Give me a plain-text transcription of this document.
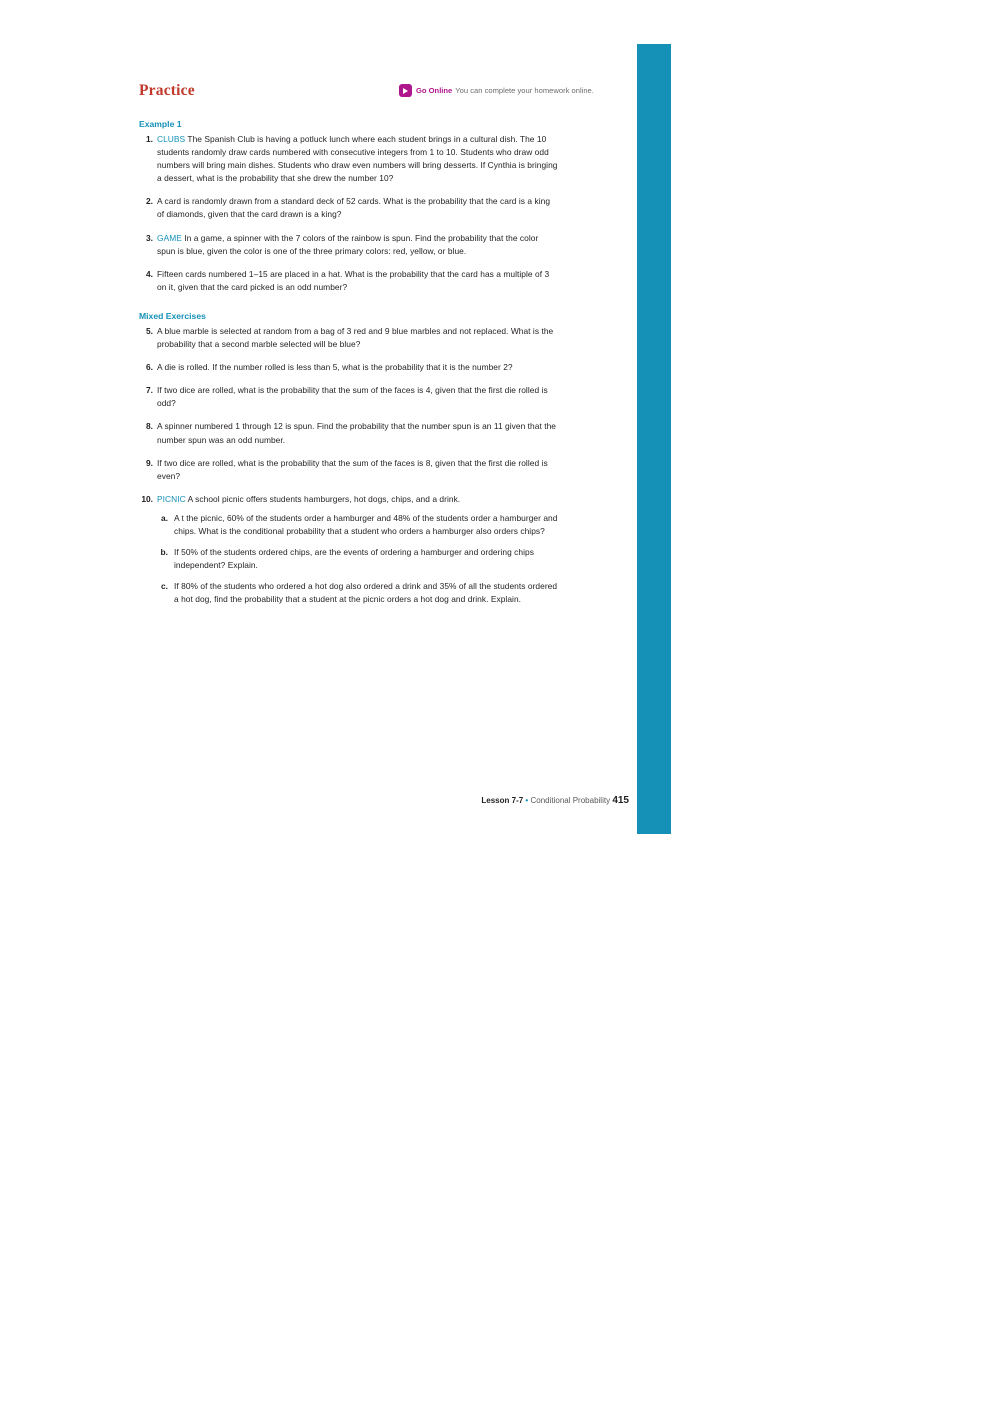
Practice	Go Online You can complete your homework online.
Example 1
1. CLUBS The Spanish Club is having a potluck lunch where each student brings in a cultural dish. The 10 students randomly draw cards numbered with consecutive integers from 1 to 10. Students who draw odd numbers will bring main dishes. Students who draw even numbers will bring desserts. If Cynthia is bringing a dessert, what is the probability that she drew the number 10?
2. A card is randomly drawn from a standard deck of 52 cards. What is the probability that the card is a king of diamonds, given that the card drawn is a king?
3. GAME In a game, a spinner with the 7 colors of the rainbow is spun. Find the probability that the color spun is blue, given the color is one of the three primary colors: red, yellow, or blue.
4. Fifteen cards numbered 1–15 are placed in a hat. What is the probability that the card has a multiple of 3 on it, given that the card picked is an odd number?
Mixed Exercises
5. A blue marble is selected at random from a bag of 3 red and 9 blue marbles and not replaced. What is the probability that a second marble selected will be blue?
6. A die is rolled. If the number rolled is less than 5, what is the probability that it is the number 2?
7. If two dice are rolled, what is the probability that the sum of the faces is 4, given that the first die rolled is odd?
8. A spinner numbered 1 through 12 is spun. Find the probability that the number spun is an 11 given that the number spun was an odd number.
9. If two dice are rolled, what is the probability that the sum of the faces is 8, given that the first die rolled is even?
10. PICNIC A school picnic offers students hamburgers, hot dogs, chips, and a drink.
a. A t the picnic, 60% of the students order a hamburger and 48% of the students order a hamburger and chips. What is the conditional probability that a student who orders a hamburger also orders chips?
b. If 50% of the students ordered chips, are the events of ordering a hamburger and ordering chips independent? Explain.
c. If 80% of the students who ordered a hot dog also ordered a drink and 35% of all the students ordered a hot dog, find the probability that a student at the picnic orders a hot dog and drink. Explain.
Lesson 7-7 • Conditional Probability 415
